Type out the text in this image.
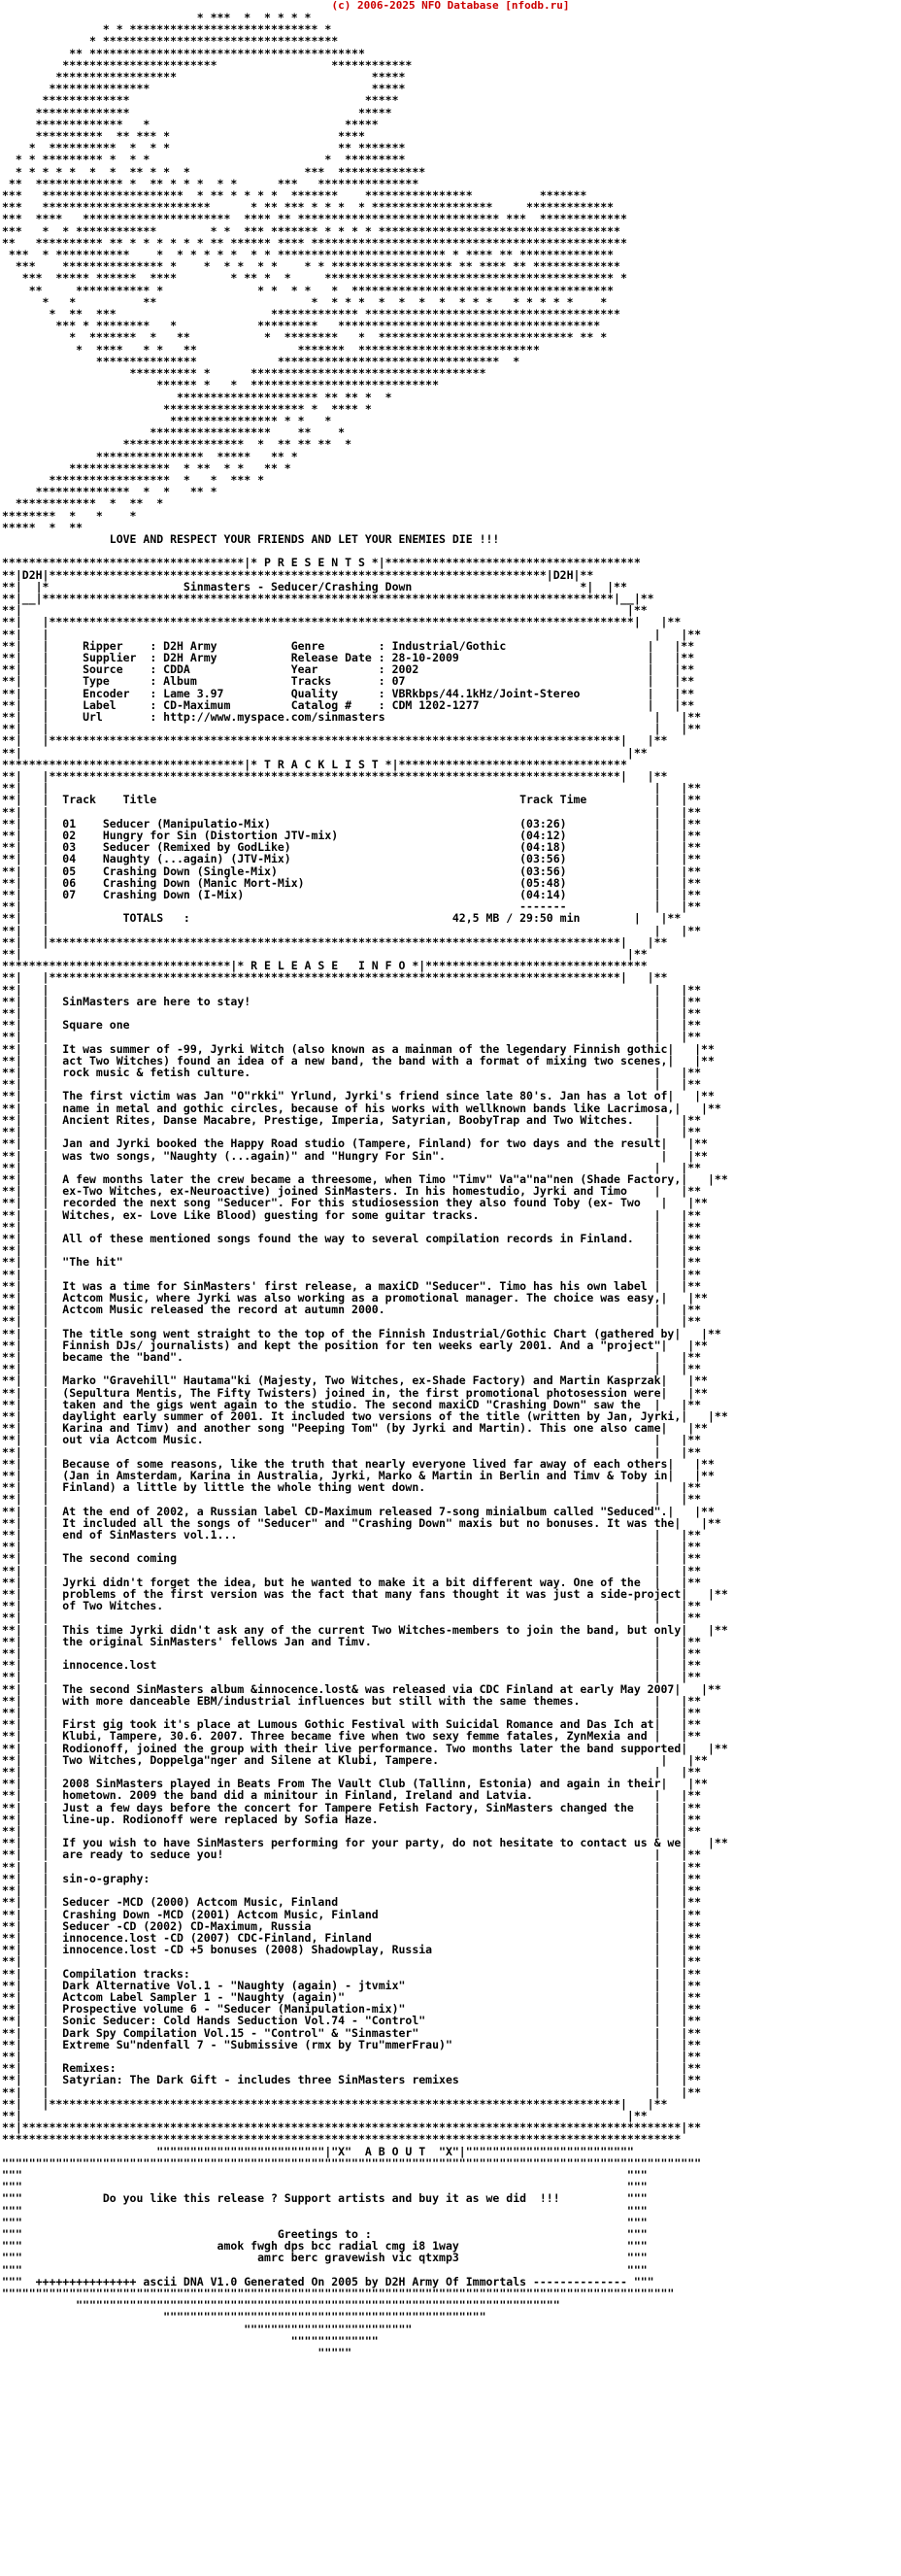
(c) 2006-2025 NFO Database [nfodb.ru]
* ***  *  * * * *
* * **************************** *
* ***********************************
** *****************************************
***********************                 ************
******************                             *****
***************                                 *****
*************                                   *****
**************                                  *****
*************   *                             *****
**********  ** *** *                         ****
*  **********  *  * *                         ** *******
* * ********* *  * *                          *  *********
* * * * *  *  *  ** * *  *                 ***  *************
**  ************* *  ** * * *  * *      ***   ***************
***   *********************  * ** * * * *  *******    ****************          *******
***   *************************      * ** *** * * *  * ******************     *************
***  ****   **********************  **** ** ****************************** ***  *************
***   *  * ************        * *  *** ******* * * * * ************************************
**   ********** ** * * * * * * ** ****** **** ***********************************************
***  * ***********    *  * * * * *  * * ************************* * **** ** **************
***    *************** *    *  * *  * *    * * ****************** ** **** ** *************
***  ***** ******  ****        * ** *  *     ******************************************* *
**     *********** *              * *  * *   *  ***************************************
*   *          **                       *  * * *  *  *  *  *  * * *   * * * * *    *
*  **  ***                       ************* **************************************
*** * ********   *            *********   ***************************************
*  *******  *   **           *  ********   *  ***************************** ** *
*  ****   * *   **               *******  ***************************
***************            *********************************  *
********** *      ***********************************
****** *   *  ****************************
********************* ** ** *  *
********************* *  **** *
**************** * *   *
******************    **    *
******************  *  ** ** **  *
****************  *****   ** *
***************  * **  * *   ** *
******************  *   *  *** *
**************  *  *   ** *
************  *  **  *
********  *   *    *
*****  *  **
LOVE AND RESPECT YOUR FRIENDS AND LET YOUR ENEMIES DIE !!!

************************************|* P R E S E N T S *|**************************************
**|D2H|**************************************************************************|D2H|**
**|  |*                    Sinmasters - Seducer/Crashing Down                         *|  |**
**|__|*************************************************************************************|__|**
**|                                                                                          |**
**|   |***************************************************************************************|   |**
**|   |                                                                                          |   |**
**|   |     Ripper    : D2H Army           Genre        : Industrial/Gothic                     |   |**
**|   |     Supplier  : D2H Army           Release Date : 28-10-2009                            |   |**
**|   |     Source    : CDDA               Year         : 2002                                  |   |**
**|   |     Type      : Album              Tracks       : 07                                    |   |**
**|   |     Encoder   : Lame 3.97          Quality      : VBRkbps/44.1kHz/Joint-Stereo          |   |**
**|   |     Label     : CD-Maximum         Catalog #    : CDM 1202-1277                         |   |**
**|   |     Url       : http://www.myspace.com/sinmasters                                        |   |**
**|   |                                                                                          |   |**
**|   |*************************************************************************************|   |**
**|                                                                                          |**
************************************|* T R A C K L I S T *|**********************************
**|   |*************************************************************************************|   |**
**|   |                                                                                          |   |**
**|   |  Track    Title                                                      Track Time          |   |**
**|   |                                                                                          |   |**
**|   |  01    Seducer (Manipulatio-Mix)                                     (03:26)             |   |**
**|   |  02    Hungry for Sin (Distortion JTV-mix)                           (04:12)             |   |**
**|   |  03    Seducer (Remixed by GodLike)                                  (04:18)             |   |**
**|   |  04    Naughty (...again) (JTV-Mix)                                  (03:56)             |   |**
**|   |  05    Crashing Down (Single-Mix)                                    (03:56)             |   |**
**|   |  06    Crashing Down (Manic Mort-Mix)                                (05:48)             |   |**
**|   |  07    Crashing Down (I-Mix)                                         (04:14)             |   |**
**|   |                                                                      -------             |   |**
**|   |           TOTALS   :                                       42,5 MB / 29:50 min        |   |**
**|   |                                                                                          |   |**
**|   |*************************************************************************************|   |**
**|                                                                                          |**
**********************************|* R E L E A S E   I N F O *|*********************************
**|   |*************************************************************************************|   |**
**|   |                                                                                          |   |**
**|   |  SinMasters are here to stay!                                                            |   |**
**|   |                                                                                          |   |**
**|   |  Square one                                                                              |   |**
**|   |                                                                                          |   |**
**|   |  It was summer of -99, Jyrki Witch (also known as a mainman of the legendary Finnish gothic|   |**
**|   |  act Two Witches) found an idea of a new band, the band with a format of mixing two scenes,|   |**
**|   |  rock music & fetish culture.                                                            |   |**
**|   |                                                                                          |   |**
**|   |  The first victim was Jan "O"rkki" Yrlund, Jyrki's friend since late 80's. Jan has a lot of|   |**
**|   |  name in metal and gothic circles, because of his works with wellknown bands like Lacrimosa,|   |**
**|   |  Ancient Rites, Danse Macabre, Prestige, Imperia, Satyrian, BoobyTrap and Two Witches.   |   |**
**|   |                                                                                          |   |**
**|   |  Jan and Jyrki booked the Happy Road studio (Tampere, Finland) for two days and the result|   |**
**|   |  was two songs, "Naughty (...again)" and "Hungry For Sin".                                |   |**
**|   |                                                                                          |   |**
**|   |  A few months later the crew became a threesome, when Timo "Timv" Va"a"na"nen (Shade Factory,|   |**
**|   |  ex-Two Witches, ex-Neuroactive) joined SinMasters. In his homestudio, Jyrki and Timo    |   |**
**|   |  recorded the next song "Seducer". For this studiosession they also found Toby (ex- Two   |   |**
**|   |  Witches, ex- Love Like Blood) guesting for some guitar tracks.                          |   |**
**|   |                                                                                          |   |**
**|   |  All of these mentioned songs found the way to several compilation records in Finland.   |   |**
**|   |                                                                                          |   |**
**|   |  "The hit"                                                                               |   |**
**|   |                                                                                          |   |**
**|   |  It was a time for SinMasters' first release, a maxiCD "Seducer". Timo has his own label |   |**
**|   |  Actcom Music, where Jyrki was also working as a promotional manager. The choice was easy,|   |**
**|   |  Actcom Music released the record at autumn 2000.                                        |   |**
**|   |                                                                                          |   |**
**|   |  The title song went straight to the top of the Finnish Industrial/Gothic Chart (gathered by|   |**
**|   |  Finnish DJs/ journalists) and kept the position for ten weeks early 2001. And a "project"|   |**
**|   |  became the "band".                                                                      |   |**
**|   |                                                                                          |   |**
**|   |  Marko "Gravehill" Hautama"ki (Majesty, Two Witches, ex-Shade Factory) and Martin Kasprzak|   |**
**|   |  (Sepultura Mentis, The Fifty Twisters) joined in, the first promotional photosession were|   |**
**|   |  taken and the gigs went again to the studio. The second maxiCD "Crashing Down" saw the  |   |**
**|   |  daylight early summer of 2001. It included two versions of the title (written by Jan, Jyrki,|   |**
**|   |  Karina and Timv) and another song "Peeping Tom" (by Jyrki and Martin). This one also came|   |**
**|   |  out via Actcom Music.                                                                   |   |**
**|   |                                                                                          |   |**
**|   |  Because of some reasons, like the truth that nearly everyone lived far away of each others|   |**
**|   |  (Jan in Amsterdam, Karina in Australia, Jyrki, Marko & Martin in Berlin and Timv & Toby in|   |**
**|   |  Finland) a little by little the whole thing went down.                                  |   |**
**|   |                                                                                          |   |**
**|   |  At the end of 2002, a Russian label CD-Maximum released 7-song minialbum called "Seduced".|   |**
**|   |  It included all the songs of "Seducer" and "Crashing Down" maxis but no bonuses. It was the|   |**
**|   |  end of SinMasters vol.1...                                                              |   |**
**|   |                                                                                          |   |**
**|   |  The second coming                                                                       |   |**
**|   |                                                                                          |   |**
**|   |  Jyrki didn't forget the idea, but he wanted to make it a bit different way. One of the  |   |**
**|   |  problems of the first version was the fact that many fans thought it was just a side-project|   |**
**|   |  of Two Witches.                                                                         |   |**
**|   |                                                                                          |   |**
**|   |  This time Jyrki didn't ask any of the current Two Witches-members to join the band, but only|   |**
**|   |  the original SinMasters' fellows Jan and Timv.                                          |   |**
**|   |                                                                                          |   |**
**|   |  innocence.lost                                                                          |   |**
**|   |                                                                                          |   |**
**|   |  The second SinMasters album &innocence.lost& was released via CDC Finland at early May 2007|   |**
**|   |  with more danceable EBM/industrial influences but still with the same themes.           |   |**
**|   |                                                                                          |   |**
**|   |  First gig took it's place at Lumous Gothic Festival with Suicidal Romance and Das Ich at|   |**
**|   |  Klubi, Tampere, 30.6. 2007. Three became five when two sexy femme fatales, ZynMexia and |   |**
**|   |  Rodionoff, joined the group with their live performance. Two months later the band supported|   |**
**|   |  Two Witches, Doppelga"nger and Silene at Klubi, Tampere.                                 |   |**
**|   |                                                                                          |   |**
**|   |  2008 SinMasters played in Beats From The Vault Club (Tallinn, Estonia) and again in their|   |**
**|   |  hometown. 2009 the band did a minitour in Finland, Ireland and Latvia.                  |   |**
**|   |  Just a few days before the concert for Tampere Fetish Factory, SinMasters changed the   |   |**
**|   |  line-up. Rodionoff were replaced by Sofia Haze.                                         |   |**
**|   |                                                                                          |   |**
**|   |  If you wish to have SinMasters performing for your party, do not hesitate to contact us & we|   |**
**|   |  are ready to seduce you!                                                                |   |**
**|   |                                                                                          |   |**
**|   |  sin-o-graphy:                                                                           |   |**
**|   |                                                                                          |   |**
**|   |  Seducer -MCD (2000) Actcom Music, Finland                                               |   |**
**|   |  Crashing Down -MCD (2001) Actcom Music, Finland                                         |   |**
**|   |  Seducer -CD (2002) CD-Maximum, Russia                                                   |   |**
**|   |  innocence.lost -CD (2007) CDC-Finland, Finland                                          |   |**
**|   |  innocence.lost -CD +5 bonuses (2008) Shadowplay, Russia                                 |   |**
**|   |                                                                                          |   |**
**|   |  Compilation tracks:                                                                     |   |**
**|   |  Dark Alternative Vol.1 - "Naughty (again) - jtvmix"                                     |   |**
**|   |  Actcom Label Sampler 1 - "Naughty (again)"                                              |   |**
**|   |  Prospective volume 6 - "Seducer (Manipulation-mix)"                                     |   |**
**|   |  Sonic Seducer: Cold Hands Seduction Vol.74 - "Control"                                  |   |**
**|   |  Dark Spy Compilation Vol.15 - "Control" & "Sinmaster"                                   |   |**
**|   |  Extreme Su"ndenfall 7 - "Submissive (rmx by Tru"mmerFrau)"                              |   |**
**|   |                                                                                          |   |**
**|   |  Remixes:                                                                                |   |**
**|   |  Satyrian: The Dark Gift - includes three SinMasters remixes                             |   |**
**|   |                                                                                          |   |**
**|   |*************************************************************************************|   |**
**|                                                                                          |**
**|**************************************************************************************************|**
*****************************************************************************************************
"""""""""""""""""""""""""|"X"  A B O U T  "X"|"""""""""""""""""""""""""
""""""""""""""""""""""""""""""""""""""""""""""""""""""""""""""""""""""""""""""""""""""""""""""""""""""""
"""                                                                                          """
"""                                                                                          """
"""            Do you like this release ? Support artists and buy it as we did  !!!          """
"""                                                                                          """
"""                                                                                          """
"""                                      Greetings to :                                      """
"""                             amok fwgh dps bcc radial cmg i8 1way                         """
"""                                   amrc berc gravewish vic qtxmp3                         """
"""                                                                                          """
"""  +++++++++++++++ ascii DNA V1.0 Generated On 2005 by D2H Army Of Immortals -------------- """
""""""""""""""""""""""""""""""""""""""""""""""""""""""""""""""""""""""""""""""""""""""""""""""""""""
""""""""""""""""""""""""""""""""""""""""""""""""""""""""""""""""""""""""
""""""""""""""""""""""""""""""""""""""""""""""""
"""""""""""""""""""""""""
"""""""""""""
"""""
